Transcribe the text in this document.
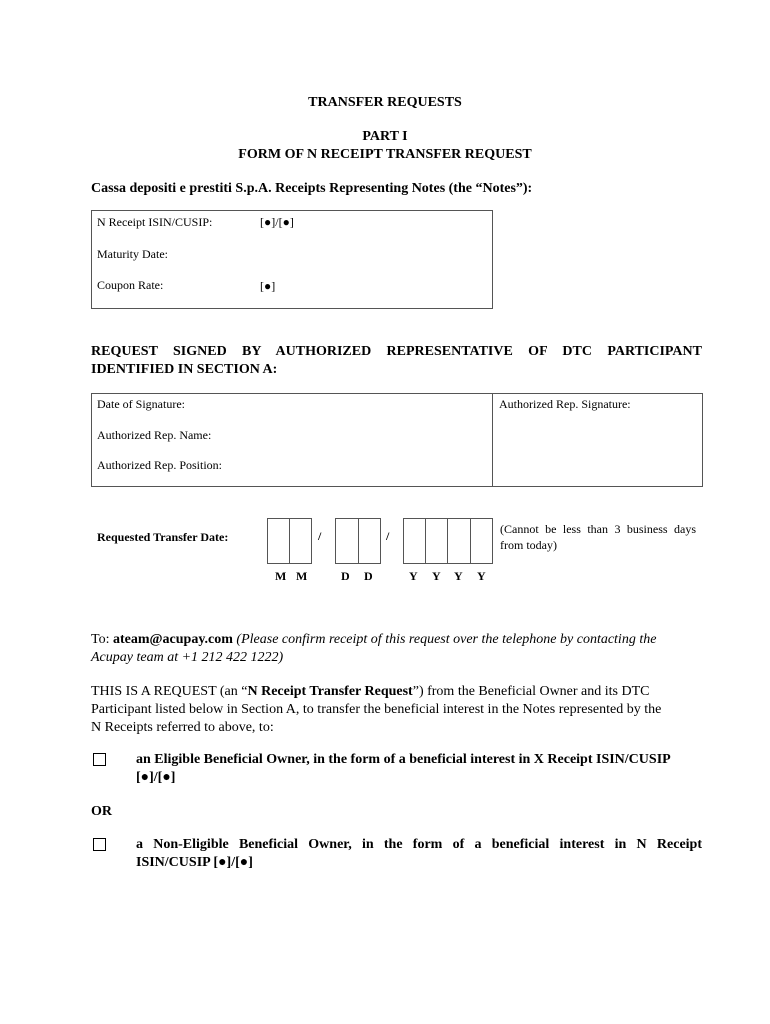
TRANSFER REQUESTS
PART I
FORM OF N RECEIPT TRANSFER REQUEST
Cassa depositi e prestiti S.p.A. Receipts Representing Notes (the “Notes”):
N Receipt ISIN/CUSIP:	[●]/[●]
Maturity Date:
Coupon Rate:	[●]
REQUEST SIGNED BY AUTHORIZED REPRESENTATIVE OF DTC PARTICIPANT
IDENTIFIED IN SECTION A:
Date of Signature:
Authorized Rep. Name:
Authorized Rep. Position:
Authorized Rep. Signature:
Requested Transfer Date:	/	/
M M	D D	Y Y Y Y
(Cannot be less than 3 business days
from today)
To: ateam@acupay.com (Please confirm receipt of this request over the telephone by contacting the
Acupay team at +1 212 422 1222)
THIS IS A REQUEST (an “N Receipt Transfer Request”) from the Beneficial Owner and its DTC
Participant listed below in Section A, to transfer the beneficial interest in the Notes represented by the
N Receipts referred to above, to:
an Eligible Beneficial Owner, in the form of a beneficial interest in X Receipt ISIN/CUSIP
[●]/[●]
OR
a Non-Eligible Beneficial Owner, in the form of a beneficial interest in N Receipt
ISIN/CUSIP [●]/[●]
